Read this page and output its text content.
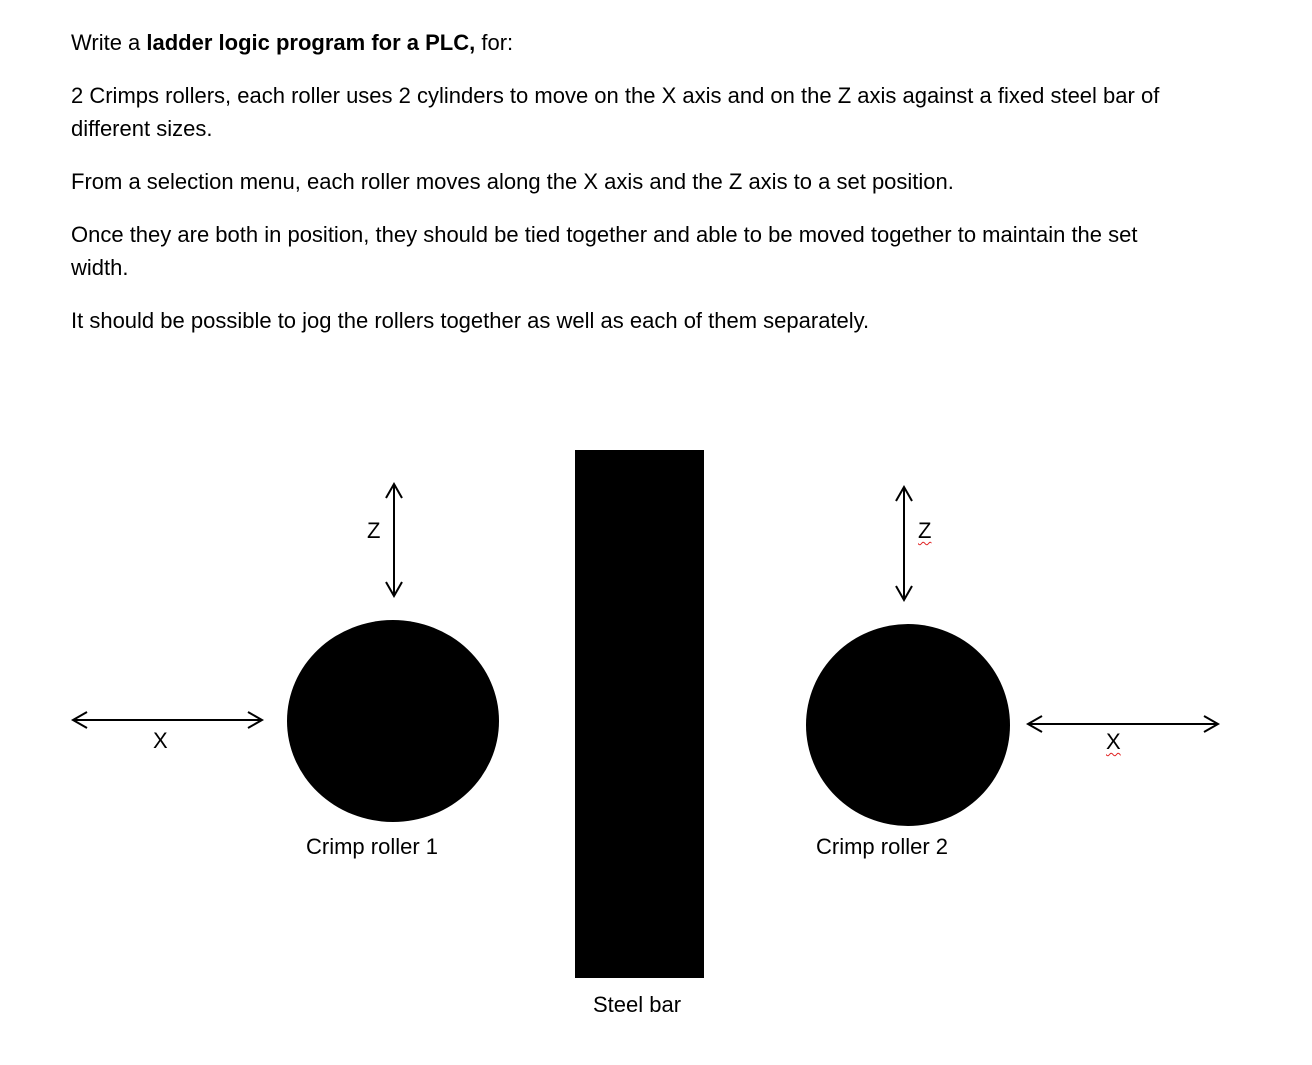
Write a ladder logic program for a PLC, for:

2 Crimps rollers, each roller uses 2 cylinders to move on the X axis and on the Z axis against a fixed steel bar of different sizes.

From a selection menu, each roller moves along the X axis and the Z axis to a set position.

Once they are both in position, they should be tied together and able to be moved together to maintain the set width.

It should be possible to jog the rollers together as well as each of them separately.

Z
X
Crimp roller 1
Steel bar
Z
X
Crimp roller 2
